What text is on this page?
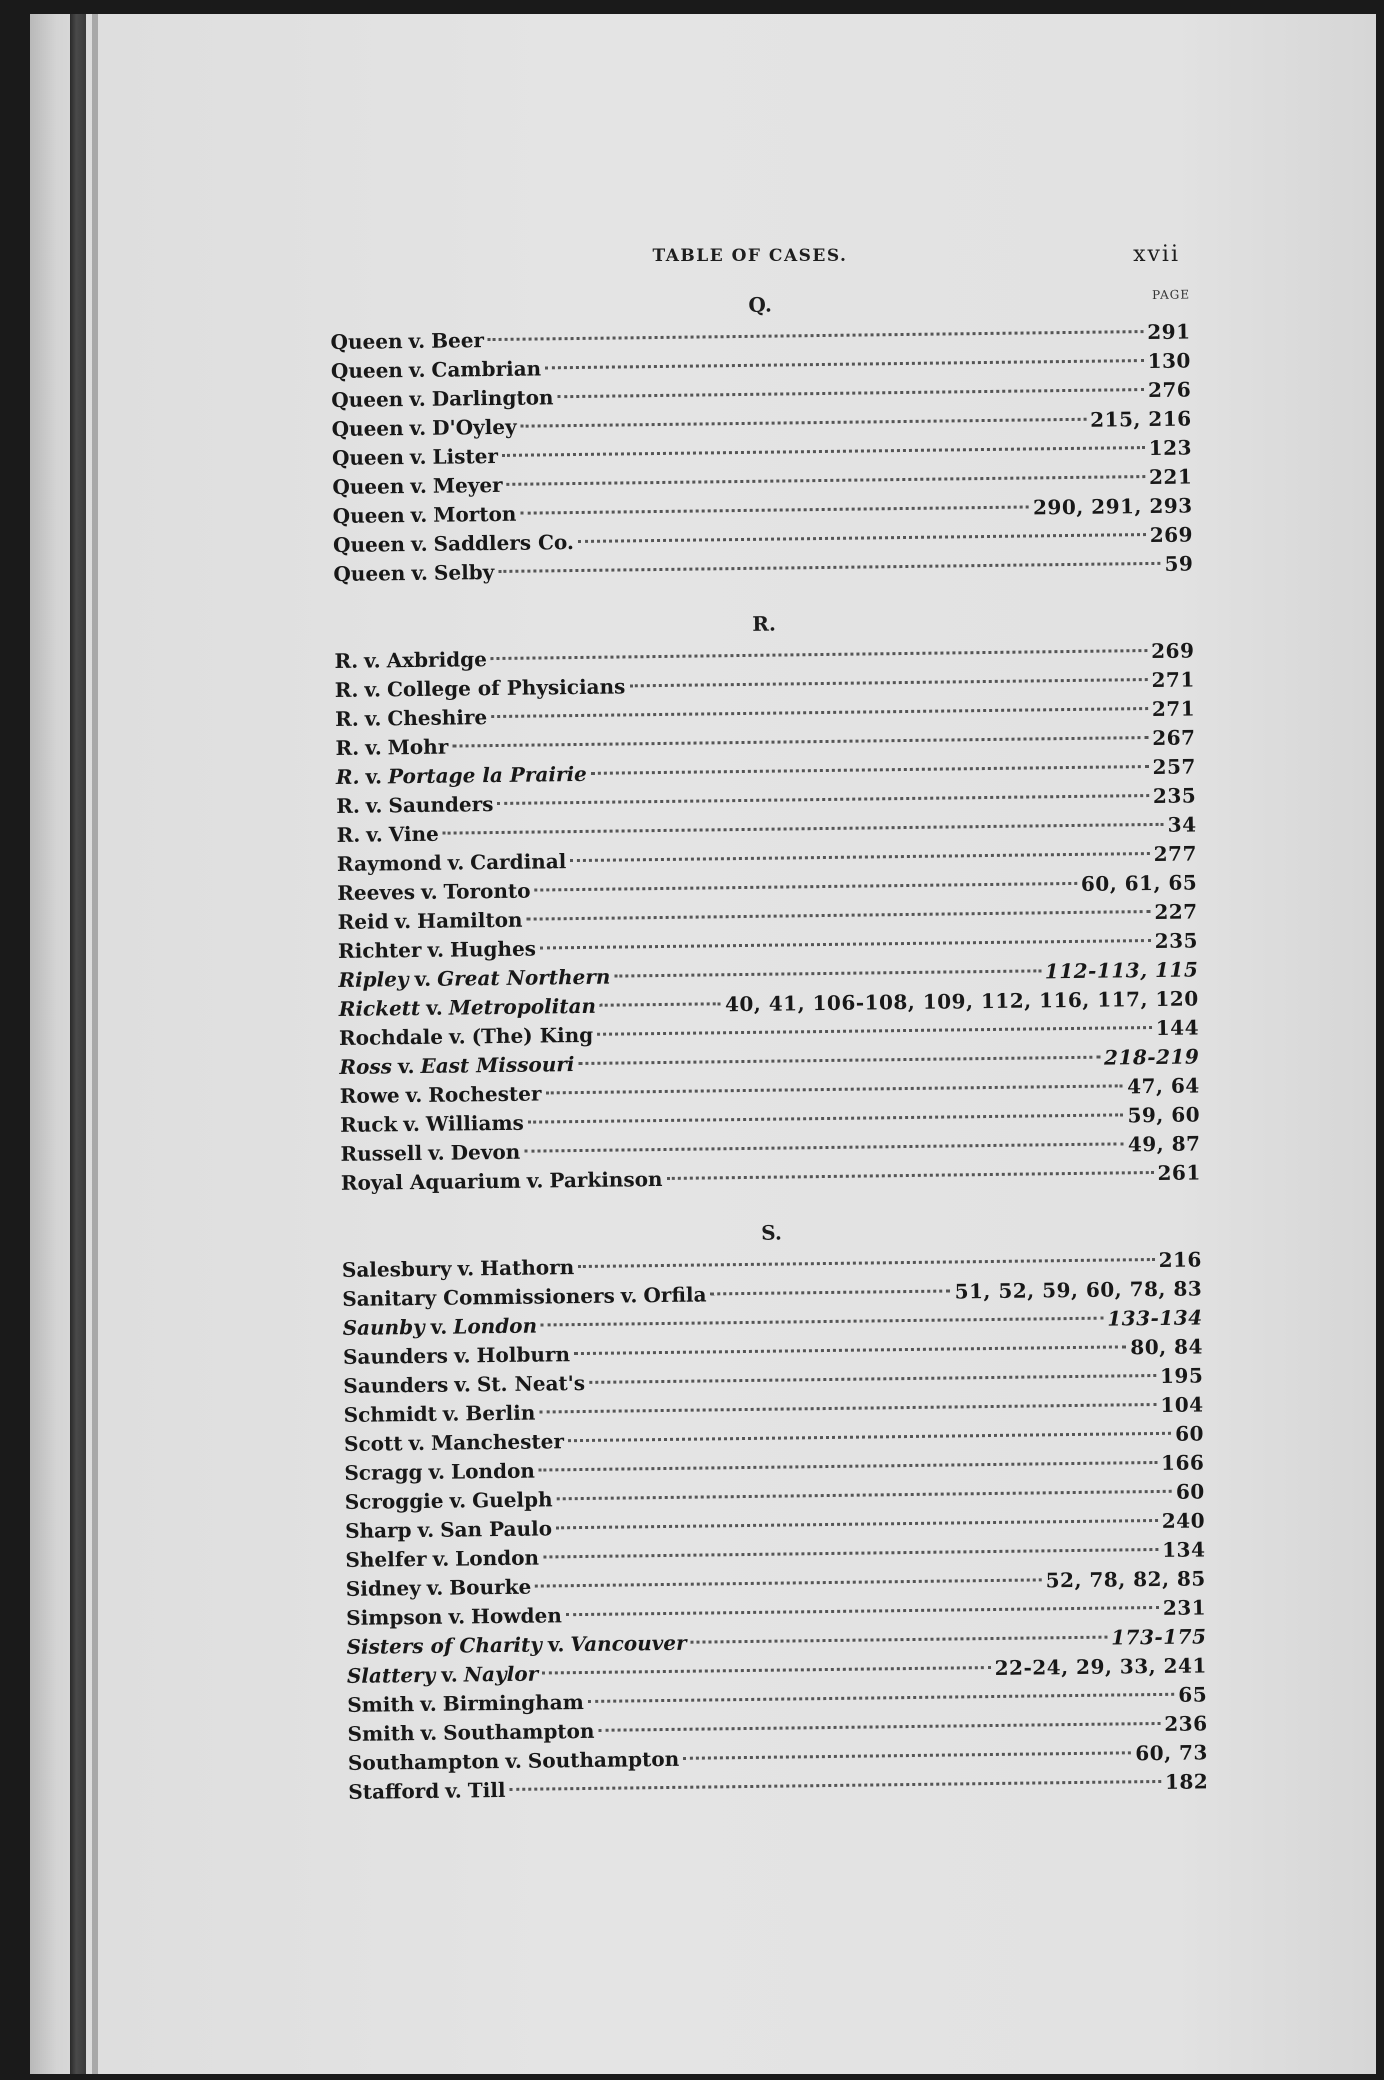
TABLE OF CASES.	xvii
Q.	PAGE
Queen v. Beer	291
Queen v. Cambrian	130
Queen v. Darlington	276
Queen v. D'Oyley	215, 216
Queen v. Lister	123
Queen v. Meyer	221
Queen v. Morton	290, 291, 293
Queen v. Saddlers Co.	269
Queen v. Selby	59
R.
R. v. Axbridge	269
R. v. College of Physicians	271
R. v. Cheshire	271
R. v. Mohr	267
R. v. Portage la Prairie	257
R. v. Saunders	235
R. v. Vine	34
Raymond v. Cardinal	277
Reeves v. Toronto	60, 61, 65
Reid v. Hamilton	227
Richter v. Hughes	235
Ripley v. Great Northern	112-113, 115
Rickett v. Metropolitan	40, 41, 106-108, 109, 112, 116, 117, 120
Rochdale v. (The) King	144
Ross v. East Missouri	218-219
Rowe v. Rochester	47, 64
Ruck v. Williams	59, 60
Russell v. Devon	49, 87
Royal Aquarium v. Parkinson	261
S.
Salesbury v. Hathorn	216
Sanitary Commissioners v. Orfila	51, 52, 59, 60, 78, 83
Saunby v. London	133-134
Saunders v. Holburn	80, 84
Saunders v. St. Neat's	195
Schmidt v. Berlin	104
Scott v. Manchester	60
Scragg v. London	166
Scroggie v. Guelph	60
Sharp v. San Paulo	240
Shelfer v. London	134
Sidney v. Bourke	52, 78, 82, 85
Simpson v. Howden	231
Sisters of Charity v. Vancouver	173-175
Slattery v. Naylor	22-24, 29, 33, 241
Smith v. Birmingham	65
Smith v. Southampton	236
Southampton v. Southampton	60, 73
Stafford v. Till	182
